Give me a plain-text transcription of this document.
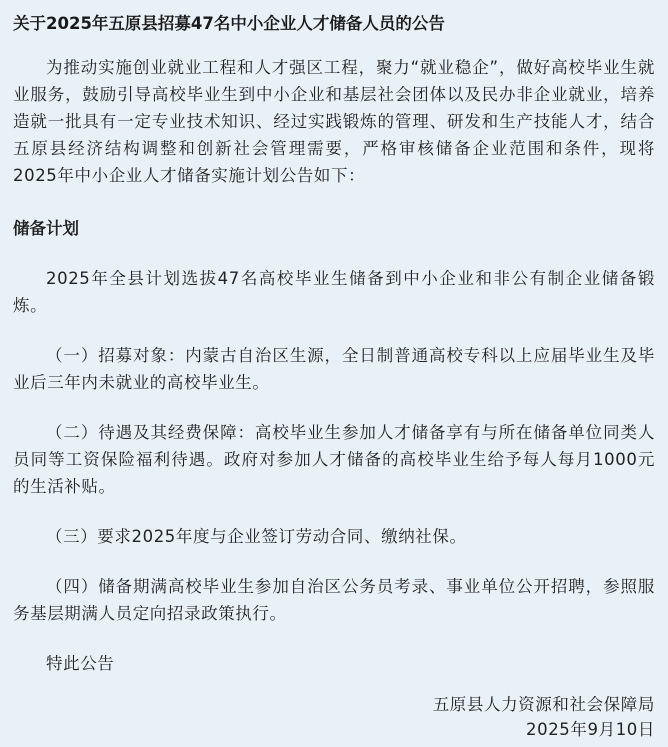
关于2025年五原县招募47名中小企业人才储备人员的公告

为推动实施创业就业工程和人才强区工程，聚力“就业稳企”，做好高校毕业生就业服务，鼓励引导高校毕业生到中小企业和基层社会团体以及民办非企业就业，培养造就一批具有一定专业技术知识、经过实践锻炼的管理、研发和生产技能人才，结合五原县经济结构调整和创新社会管理需要，严格审核储备企业范围和条件，现将2025年中小企业人才储备实施计划公告如下：

储备计划

2025年全县计划选拔47名高校毕业生储备到中小企业和非公有制企业储备锻炼。

（一）招募对象：内蒙古自治区生源，全日制普通高校专科以上应届毕业生及毕业后三年内未就业的高校毕业生。

（二）待遇及其经费保障：高校毕业生参加人才储备享有与所在储备单位同类人员同等工资保险福利待遇。政府对参加人才储备的高校毕业生给予每人每月1000元的生活补贴。

（三）要求2025年度与企业签订劳动合同、缴纳社保。

（四）储备期满高校毕业生参加自治区公务员考录、事业单位公开招聘，参照服务基层期满人员定向招录政策执行。

特此公告

五原县人力资源和社会保障局
2025年9月10日
